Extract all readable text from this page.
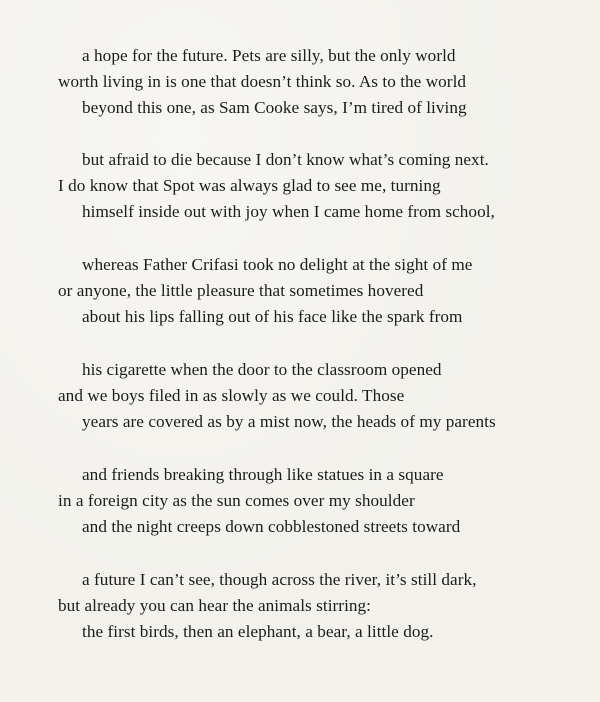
a hope for the future. Pets are silly, but the only world
worth living in is one that doesn’t think so. As to the world
beyond this one, as Sam Cooke says, I’m tired of living
but afraid to die because I don’t know what’s coming next.
I do know that Spot was always glad to see me, turning
himself inside out with joy when I came home from school,
whereas Father Crifasi took no delight at the sight of me
or anyone, the little pleasure that sometimes hovered
about his lips falling out of his face like the spark from
his cigarette when the door to the classroom opened
and we boys filed in as slowly as we could. Those
years are covered as by a mist now, the heads of my parents
and friends breaking through like statues in a square
in a foreign city as the sun comes over my shoulder
and the night creeps down cobblestoned streets toward
a future I can’t see, though across the river, it’s still dark,
but already you can hear the animals stirring:
the first birds, then an elephant, a bear, a little dog.
